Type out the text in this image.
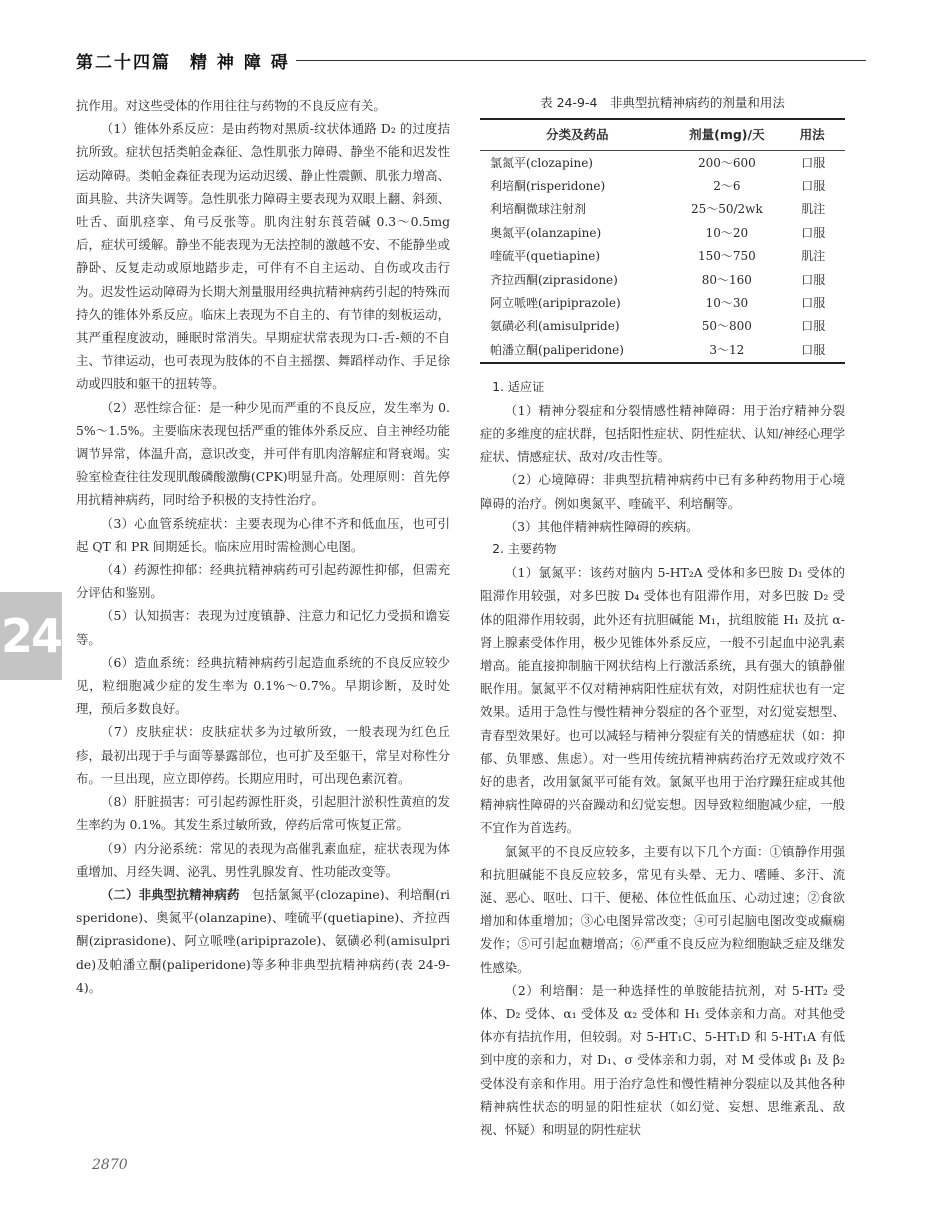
第二十四篇　精 神 障 碍
24

抗作用。对这些受体的作用往往与药物的不良反应有关。

（1）锥体外系反应：是由药物对黑质-纹状体通路 D₂ 的过度拮抗所致。症状包括类帕金森征、急性肌张力障碍、静坐不能和迟发性运动障碍。类帕金森征表现为运动迟缓、静止性震颤、肌张力增高、面具脸、共济失调等。急性肌张力障碍主要表现为双眼上翻、斜颈、吐舌、面肌痉挛、角弓反张等。肌肉注射东莨菪碱 0.3～0.5mg 后，症状可缓解。静坐不能表现为无法控制的激越不安、不能静坐或静卧、反复走动或原地踏步走，可伴有不自主运动、自伤或攻击行为。迟发性运动障碍为长期大剂量服用经典抗精神病药引起的特殊而持久的锥体外系反应。临床上表现为不自主的、有节律的刻板运动，其严重程度波动，睡眠时常消失。早期症状常表现为口-舌-颊的不自主、节律运动，也可表现为肢体的不自主摇摆、舞蹈样动作、手足徐动或四肢和躯干的扭转等。

（2）恶性综合征：是一种少见而严重的不良反应，发生率为 0.5%～1.5%。主要临床表现包括严重的锥体外系反应、自主神经功能调节异常，体温升高，意识改变，并可伴有肌肉溶解症和肾衰竭。实验室检查往往发现肌酸磷酸激酶(CPK)明显升高。处理原则：首先停用抗精神病药，同时给予积极的支持性治疗。

（3）心血管系统症状：主要表现为心律不齐和低血压，也可引起 QT 和 PR 间期延长。临床应用时需检测心电图。

（4）药源性抑郁：经典抗精神病药可引起药源性抑郁，但需充分评估和鉴别。

（5）认知损害：表现为过度镇静、注意力和记忆力受损和谵妄等。

（6）造血系统：经典抗精神病药引起造血系统的不良反应较少见，粒细胞减少症的发生率为 0.1%～0.7%。早期诊断，及时处理，预后多数良好。

（7）皮肤症状：皮肤症状多为过敏所致，一般表现为红色丘疹，最初出现于手与面等暴露部位，也可扩及至躯干，常呈对称性分布。一旦出现，应立即停药。长期应用时，可出现色素沉着。

（8）肝脏损害：可引起药源性肝炎，引起胆汁淤积性黄疸的发生率约为 0.1%。其发生系过敏所致，停药后常可恢复正常。

（9）内分泌系统：常见的表现为高催乳素血症，症状表现为体重增加、月经失调、泌乳、男性乳腺发育、性功能改变等。

（二）非典型抗精神病药　 包括氯氮平(clozapine)、利培酮(risperidone)、奥氮平(olanzapine)、喹硫平(quetiapine)、齐拉西酮(ziprasidone)、阿立哌唑(aripiprazole)、氨磺必利(amisulpride)及帕潘立酮(paliperidone)等多种非典型抗精神病药(表 24-9-4)。

表 24-9-4　非典型抗精神病药的剂量和用法
分类及药品	剂量(mg)/天	用法
氯氮平(clozapine)	200～600	口服
利培酮(risperidone)	2～6	口服
利培酮微球注射剂	25～50/2wk	肌注
奥氮平(olanzapine)	10～20	口服
喹硫平(quetiapine)	150～750	肌注
齐拉西酮(ziprasidone)	80～160	口服
阿立哌唑(aripiprazole)	10～30	口服
氨磺必利(amisulpride)	50～800	口服
帕潘立酮(paliperidone)	3～12	口服

1. 适应证

（1）精神分裂症和分裂情感性精神障碍：用于治疗精神分裂症的多维度的症状群，包括阳性症状、阴性症状、认知/神经心理学症状、情感症状、敌对/攻击性等。

（2）心境障碍：非典型抗精神病药中已有多种药物用于心境障碍的治疗。例如奥氮平、喹硫平、利培酮等。

（3）其他伴精神病性障碍的疾病。

2. 主要药物

（1）氯氮平：该药对脑内 5-HT₂A 受体和多巴胺 D₁ 受体的阻滞作用较强，对多巴胺 D₄ 受体也有阻滞作用，对多巴胺 D₂ 受体的阻滞作用较弱，此外还有抗胆碱能 M₁，抗组胺能 H₁ 及抗 α-肾上腺素受体作用，极少见锥体外系反应，一般不引起血中泌乳素增高。能直接抑制脑干网状结构上行激活系统，具有强大的镇静催眠作用。氯氮平不仅对精神病阳性症状有效，对阴性症状也有一定效果。适用于急性与慢性精神分裂症的各个亚型，对幻觉妄想型、青春型效果好。也可以减轻与精神分裂症有关的情感症状（如：抑郁、负罪感、焦虑）。对一些用传统抗精神病药治疗无效或疗效不好的患者，改用氯氮平可能有效。氯氮平也用于治疗躁狂症或其他精神病性障碍的兴奋躁动和幻觉妄想。因导致粒细胞减少症，一般不宜作为首选药。

氯氮平的不良反应较多，主要有以下几个方面：①镇静作用强和抗胆碱能不良反应较多，常见有头晕、无力、嗜睡、多汗、流涎、恶心、呕吐、口干、便秘、体位性低血压、心动过速；②食欲增加和体重增加；③心电图异常改变；④可引起脑电图改变或癫痫发作；⑤可引起血糖增高；⑥严重不良反应为粒细胞缺乏症及继发性感染。

（2）利培酮：是一种选择性的单胺能拮抗剂，对 5-HT₂ 受体、D₂ 受体、α₁ 受体及 α₂ 受体和 H₁ 受体亲和力高。对其他受体亦有拮抗作用，但较弱。对 5-HT₁C、5-HT₁D 和 5-HT₁A 有低到中度的亲和力，对 D₁、σ 受体亲和力弱，对 M 受体或 β₁ 及 β₂ 受体没有亲和作用。用于治疗急性和慢性精神分裂症以及其他各种精神病性状态的明显的阳性症状（如幻觉、妄想、思维紊乱、敌视、怀疑）和明显的阴性症状

2870
